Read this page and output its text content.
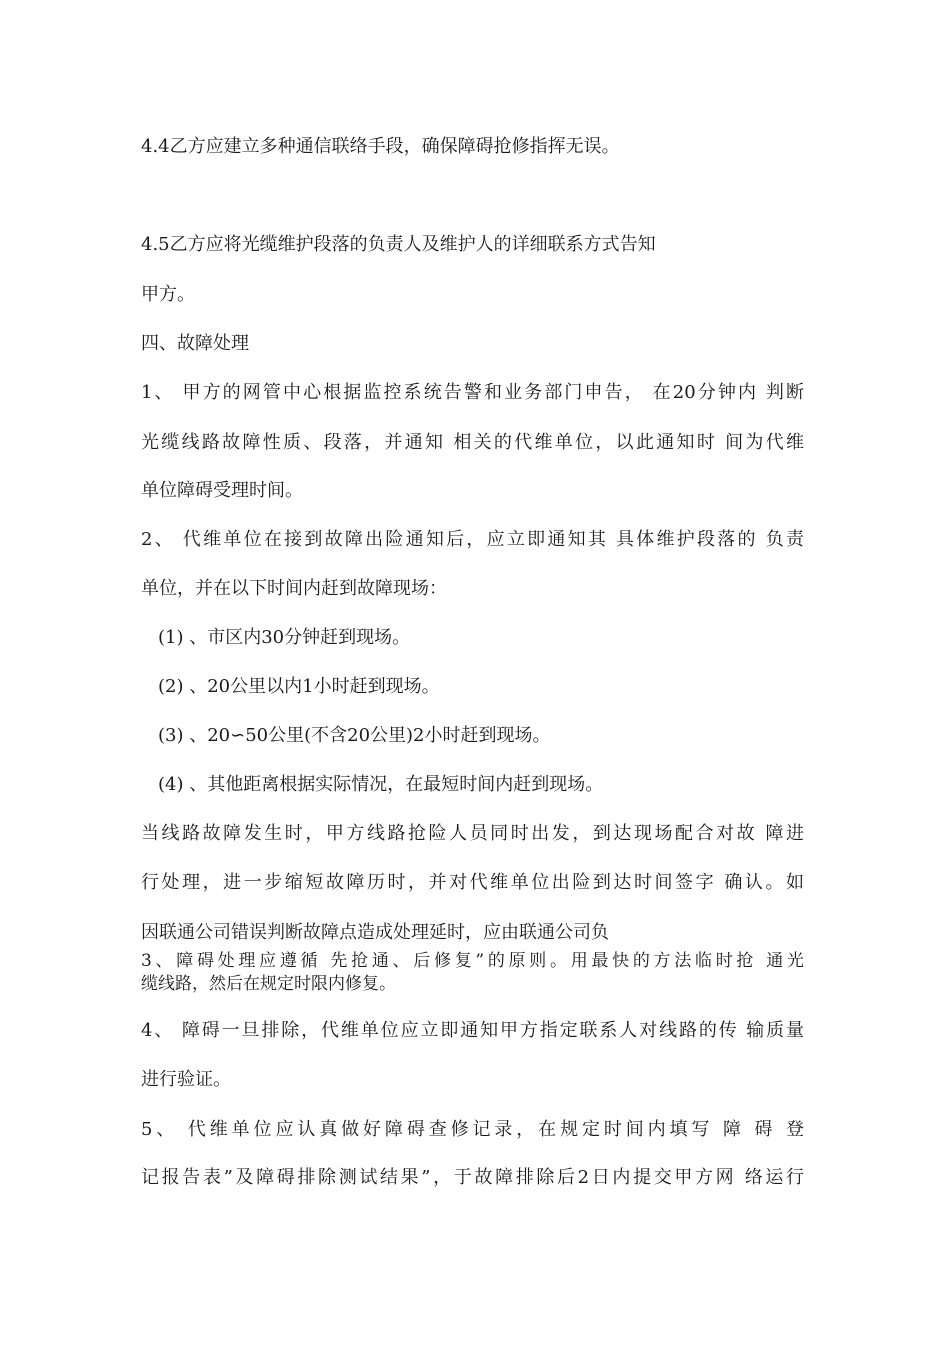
4.4乙方应建立多种通信联络手段，确保障碍抢修指挥无误。

4.5乙方应将光缆维护段落的负责人及维护人的详细联系方式告知

甲方。

四、故障处理

1、 甲方的网管中心根据监控系统告警和业务部门申告， 在20分钟内 判断

光缆线路故障性质、段落，并通知 相关的代维单位，以此通知时 间为代维

单位障碍受理时间。

2、 代维单位在接到故障出险通知后，应立即通知其 具体维护段落的 负责

单位，并在以下时间内赶到故障现场：

(1) 、市区内30分钟赶到现场。

(2) 、20公里以内1小时赶到现场。

(3) 、20∽50公里(不含20公里)2小时赶到现场。

(4) 、其他距离根据实际情况，在最短时间内赶到现场。

当线路故障发生时，甲方线路抢险人员同时出发，到达现场配合对故 障进

行处理，进一步缩短故障历时，并对代维单位出险到达时间签字 确认。如

因联通公司错误判断故障点造成处理延时，应由联通公司负

3、障碍处理应遵循 先抢通、后修复”的原则。用最快的方法临时抢 通光

缆线路，然后在规定时限内修复。

4、 障碍一旦排除，代维单位应立即通知甲方指定联系人对线路的传 输质量

进行验证。

5、 代维单位应认真做好障碍查修记录，在规定时间内填写 障 碍 登

记报告表”及障碍排除测试结果”，于故障排除后2日内提交甲方网 络运行
